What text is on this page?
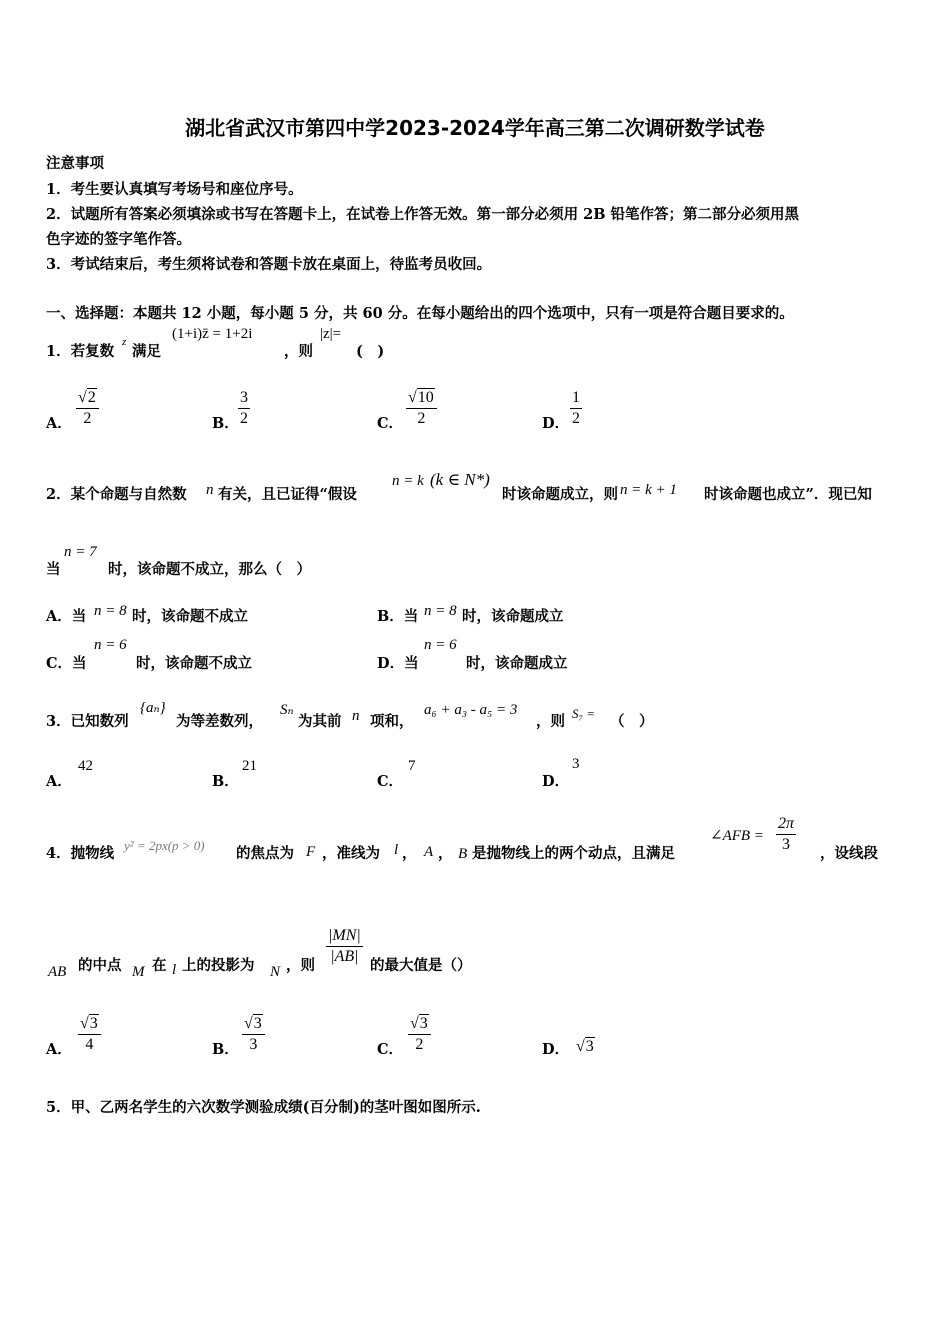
湖北省武汉市第四中学2023-2024学年高三第二次调研数学试卷
注意事项
1．考生要认真填写考场号和座位序号。
2．试题所有答案必须填涂或书写在答题卡上，在试卷上作答无效。第一部分必须用 2B 铅笔作答；第二部分必须用黑
色字迹的签字笔作答。
3．考试结束后，考生须将试卷和答题卡放在桌面上，待监考员收回。
一、选择题：本题共 12 小题，每小题 5 分，共 60 分。在每小题给出的四个选项中，只有一项是符合题目要求的。
1．若复数
z
满足
(1+i)z̄ = 1+2i
，则
|z|=
(　)
A．
√2
2	B．
3
2	C．
√10
2	D．
1
2
2．某个命题与自然数 n 有关，且已证得“假设
n = k (k ∈ N*)
时该命题成立，则 n = k + 1 时该命题也成立”．现已知
当
n = 7
时，该命题不成立，那么（　）
A．当 n = 8 时，该命题不成立	B．当 n = 8 时，该命题成立
C．当
n = 6
时，该命题不成立	D．当
n = 6
时，该命题成立
3．已知数列
{aₙ}
为等差数列，
Sₙ
为其前 n 项和，
a₆ + a₃ - a₅ = 3
，则 S₇ = （　）
A．
42
B．
21
C．
7
D．
3
4．抛物线 y² = 2px(p > 0) 的焦点为 F ，准线为 l ， A ， B 是抛物线上的两个动点，且满足
∠AFB =
2π
3
，设线段
AB 的中点 M 在 l 上的投影为 N ，则
|MN|
|AB|
的最大值是（）
A．
√3
4	B．
√3
3	C．
√3
2	D． √3
5．甲、乙两名学生的六次数学测验成绩(百分制)的茎叶图如图所示.
